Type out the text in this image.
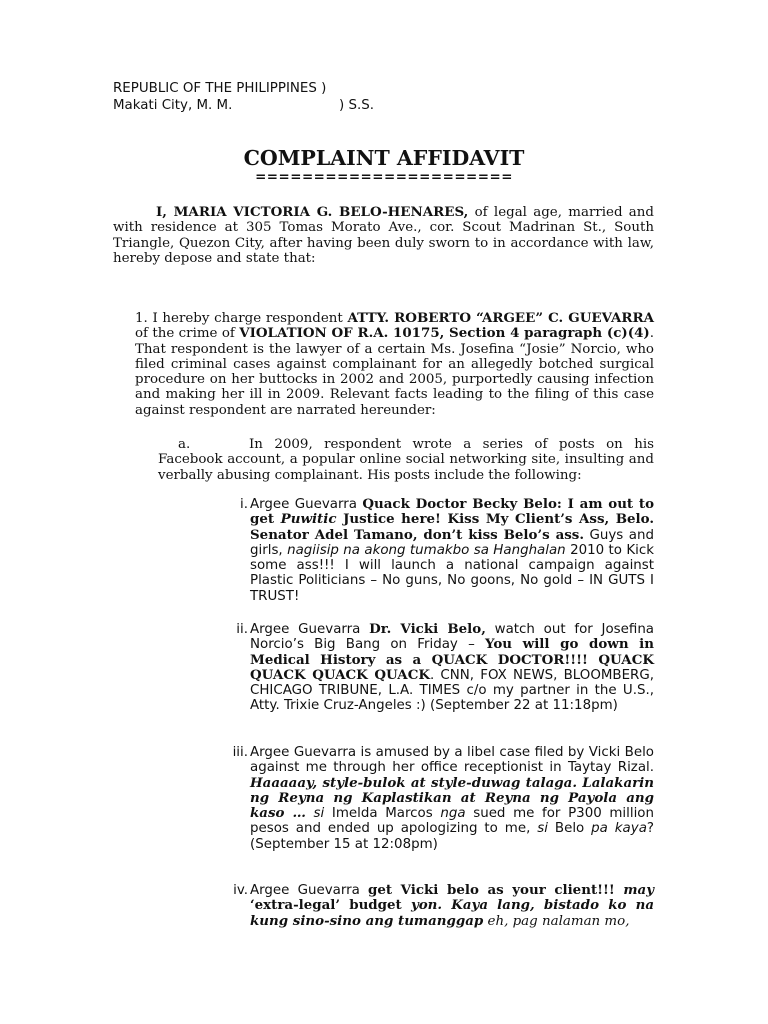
REPUBLIC OF THE PHILIPPINES )
Makati City, M. M.	) S.S.
COMPLAINT AFFIDAVIT
======================
I, MARIA VICTORIA G. BELO-HENARES, of legal age, married and with residence at 305 Tomas Morato Ave., cor. Scout Madrinan St., South Triangle, Quezon City, after having been duly sworn to in accordance with law, hereby depose and state that:
1. I hereby charge respondent ATTY. ROBERTO “ARGEE” C. GUEVARRA of the crime of VIOLATION OF R.A. 10175, Section 4 paragraph (c)(4). That respondent is the lawyer of a certain Ms. Josefina “Josie” Norcio, who filed criminal cases against complainant for an allegedly botched surgical procedure on her buttocks in 2002 and 2005, purportedly causing infection and making her ill in 2009. Relevant facts leading to the filing of this case against respondent are narrated hereunder:
a.	In 2009, respondent wrote a series of posts on his Facebook account, a popular online social networking site, insulting and verbally abusing complainant. His posts include the following:
i. Argee Guevarra Quack Doctor Becky Belo: I am out to get Puwitic Justice here! Kiss My Client’s Ass, Belo. Senator Adel Tamano, don’t kiss Belo’s ass. Guys and girls, nagiisip na akong tumakbo sa Hanghalan 2010 to Kick some ass!!! I will launch a national campaign against Plastic Politicians – No guns, No goons, No gold – IN GUTS I TRUST!
ii. Argee Guevarra Dr. Vicki Belo, watch out for Josefina Norcio’s Big Bang on Friday – You will go down in Medical History as a QUACK DOCTOR!!!! QUACK QUACK QUACK QUACK. CNN, FOX NEWS, BLOOMBERG, CHICAGO TRIBUNE, L.A. TIMES c/o my partner in the U.S., Atty. Trixie Cruz-Angeles :) (September 22 at 11:18pm)
iii. Argee Guevarra is amused by a libel case filed by Vicki Belo against me through her office receptionist in Taytay Rizal. Haaaaay, style-bulok at style-duwag talaga. Lalakarin ng Reyna ng Kaplastikan at Reyna ng Payola ang kaso … si Imelda Marcos nga sued me for P300 million pesos and ended up apologizing to me, si Belo pa kaya? (September 15 at 12:08pm)
iv. Argee Guevarra get Vicki belo as your client!!! may ‘extra-legal’ budget yon. Kaya lang, bistado ko na kung sino-sino ang tumanggap eh, pag nalaman mo,
